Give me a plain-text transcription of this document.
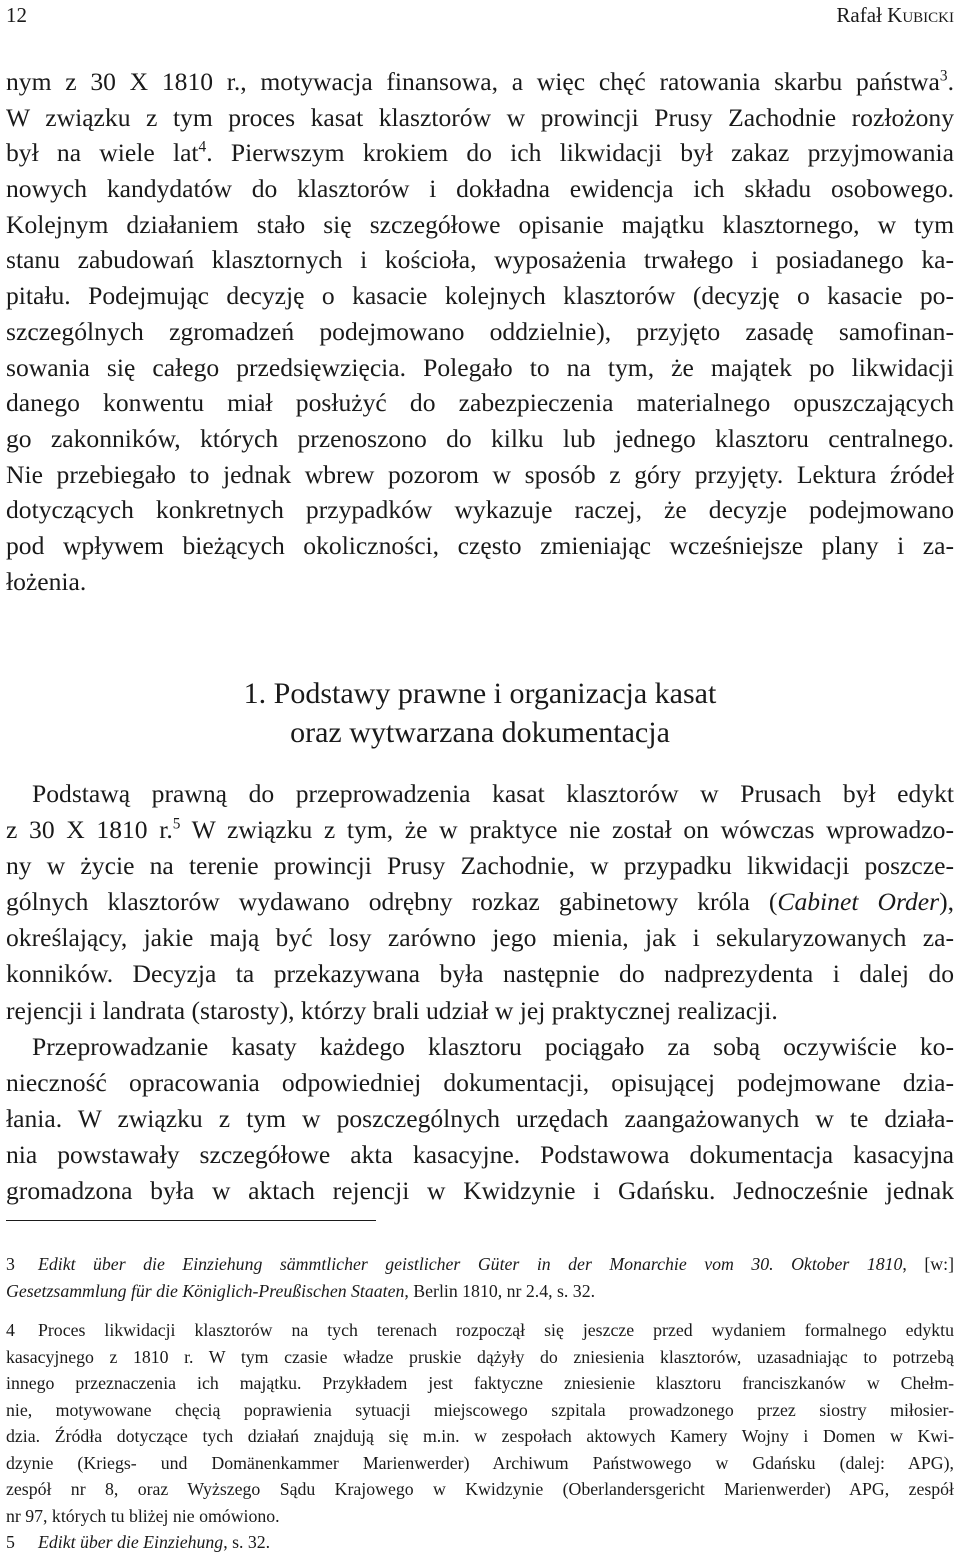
12	Rafał Kubicki
nym z 30 X 1810 r., motywacja finansowa, a więc chęć ratowania skarbu państwa$^3$.
W związku z tym proces kasat klasztorów w prowincji Prusy Zachodnie rozłożony
był na wiele lat$^4$. Pierwszym krokiem do ich likwidacji był zakaz przyjmowania
nowych kandydatów do klasztorów i dokładna ewidencja ich składu osobowego.
Kolejnym działaniem stało się szczegółowe opisanie majątku klasztornego, w tym
stanu zabudowań klasztornych i kościoła, wyposażenia trwałego i posiadanego ka-
pitału. Podejmując decyzję o kasacie kolejnych klasztorów (decyzję o kasacie po-
szczególnych zgromadzeń podejmowano oddzielnie), przyjęto zasadę samofinan-
sowania się całego przedsięwzięcia. Polegało to na tym, że majątek po likwidacji
danego konwentu miał posłużyć do zabezpieczenia materialnego opuszczających
go zakonników, których przenoszono do kilku lub jednego klasztoru centralnego.
Nie przebiegało to jednak wbrew pozorom w sposób z góry przyjęty. Lektura źródeł
dotyczących konkretnych przypadków wykazuje raczej, że decyzje podejmowano
pod wpływem bieżących okoliczności, często zmieniając wcześniejsze plany i za-
łożenia.
1. Podstawy prawne i organizacja kasat
oraz wytwarzana dokumentacja
Podstawą prawną do przeprowadzenia kasat klasztorów w Prusach był edykt
z 30 X 1810 r.$^5$ W związku z tym, że w praktyce nie został on wówczas wprowadzo-
ny w życie na terenie prowincji Prusy Zachodnie, w przypadku likwidacji poszcze-
gólnych klasztorów wydawano odrębny rozkaz gabinetowy króla (Cabinet Order),
określający, jakie mają być losy zarówno jego mienia, jak i sekularyzowanych za-
konników. Decyzja ta przekazywana była następnie do nadprezydenta i dalej do
rejencji i landrata (starosty), którzy brali udział w jej praktycznej realizacji.
Przeprowadzanie kasaty każdego klasztoru pociągało za sobą oczywiście ko-
nieczność opracowania odpowiedniej dokumentacji, opisującej podejmowane dzia-
łania. W związku z tym w poszczególnych urzędach zaangażowanych w te działa-
nia powstawały szczegółowe akta kasacyjne. Podstawowa dokumentacja kasacyjna
gromadzona była w aktach rejencji w Kwidzynie i Gdańsku. Jednocześnie jednak
3 Edikt über die Einziehung sämmtlicher geistlicher Güter in der Monarchie vom 30. Oktober 1810, [w:]
Gesetzsammlung für die Königlich-Preußischen Staaten, Berlin 1810, nr 2.4, s. 32.
4 Proces likwidacji klasztorów na tych terenach rozpoczął się jeszcze przed wydaniem formalnego edyktu
kasacyjnego z 1810 r. W tym czasie władze pruskie dążyły do zniesienia klasztorów, uzasadniając to potrzebą
innego przeznaczenia ich majątku. Przykładem jest faktyczne zniesienie klasztoru franciszkanów w Chełm-
nie, motywowane chęcią poprawienia sytuacji miejscowego szpitala prowadzonego przez siostry miłosier-
dzia. Źródła dotyczące tych działań znajdują się m.in. w zespołach aktowych Kamery Wojny i Domen w Kwi-
dzynie (Kriegs- und Domänenkammer Marienwerder) Archiwum Państwowego w Gdańsku (dalej: APG),
zespół nr 8, oraz Wyższego Sądu Krajowego w Kwidzynie (Oberlandersgericht Marienwerder) APG, zespół
nr 97, których tu bliżej nie omówiono.
5 Edikt über die Einziehung, s. 32.
